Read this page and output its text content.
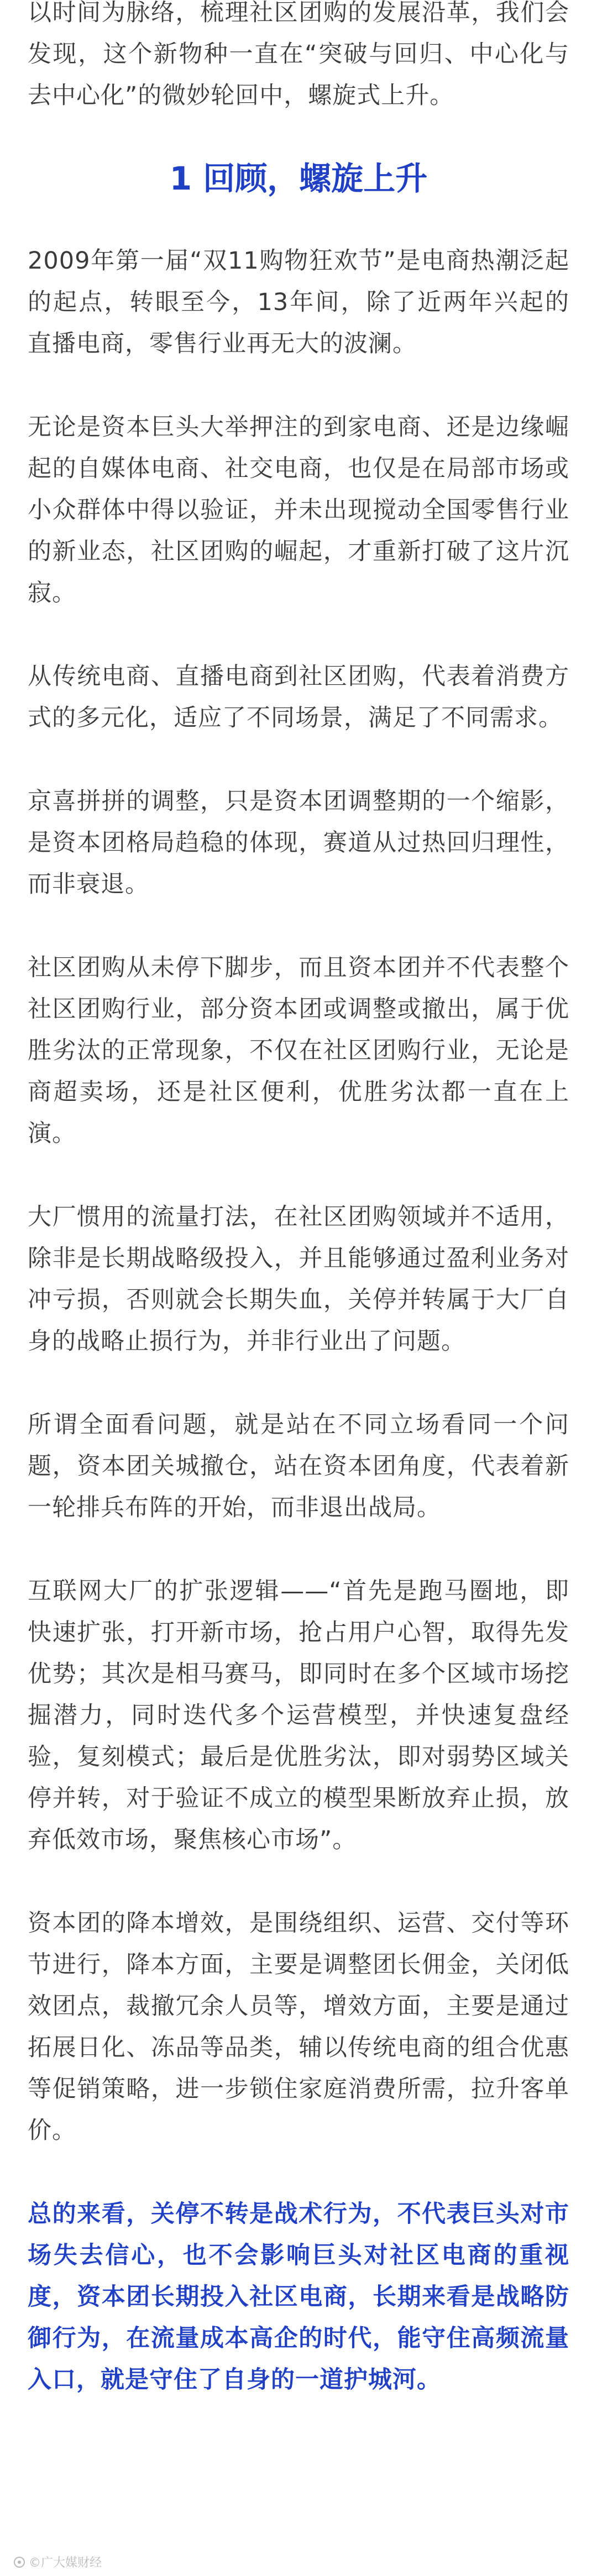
以时间为脉络，梳理社区团购的发展沿革，我们会发现，这个新物种一直在“突破与回归、中心化与去中心化”的微妙轮回中，螺旋式上升。

1 回顾，螺旋上升

2009年第一届“双11购物狂欢节”是电商热潮泛起的起点，转眼至今，13年间，除了近两年兴起的直播电商，零售行业再无大的波澜。

无论是资本巨头大举押注的到家电商、还是边缘崛起的自媒体电商、社交电商，也仅是在局部市场或小众群体中得以验证，并未出现搅动全国零售行业的新业态，社区团购的崛起，才重新打破了这片沉寂。

从传统电商、直播电商到社区团购，代表着消费方式的多元化，适应了不同场景，满足了不同需求。

京喜拼拼的调整，只是资本团调整期的一个缩影，是资本团格局趋稳的体现，赛道从过热回归理性，而非衰退。

社区团购从未停下脚步，而且资本团并不代表整个社区团购行业，部分资本团或调整或撤出，属于优胜劣汰的正常现象，不仅在社区团购行业，无论是商超卖场，还是社区便利，优胜劣汰都一直在上演。

大厂惯用的流量打法，在社区团购领域并不适用，除非是长期战略级投入，并且能够通过盈利业务对冲亏损，否则就会长期失血，关停并转属于大厂自身的战略止损行为，并非行业出了问题。

所谓全面看问题，就是站在不同立场看同一个问题，资本团关城撤仓，站在资本团角度，代表着新一轮排兵布阵的开始，而非退出战局。

互联网大厂的扩张逻辑——“首先是跑马圈地，即快速扩张，打开新市场，抢占用户心智，取得先发优势；其次是相马赛马，即同时在多个区域市场挖掘潜力，同时迭代多个运营模型，并快速复盘经验，复刻模式；最后是优胜劣汰，即对弱势区域关停并转，对于验证不成立的模型果断放弃止损，放弃低效市场，聚焦核心市场”。

资本团的降本增效，是围绕组织、运营、交付等环节进行，降本方面，主要是调整团长佣金，关闭低效团点，裁撤冗余人员等，增效方面，主要是通过拓展日化、冻品等品类，辅以传统电商的组合优惠等促销策略，进一步锁住家庭消费所需，拉升客单价。

总的来看，关停不转是战术行为，不代表巨头对市场失去信心，也不会影响巨头对社区电商的重视度，资本团长期投入社区电商，长期来看是战略防御行为，在流量成本高企的时代，能守住高频流量入口，就是守住了自身的一道护城河。

©广大媒财经
